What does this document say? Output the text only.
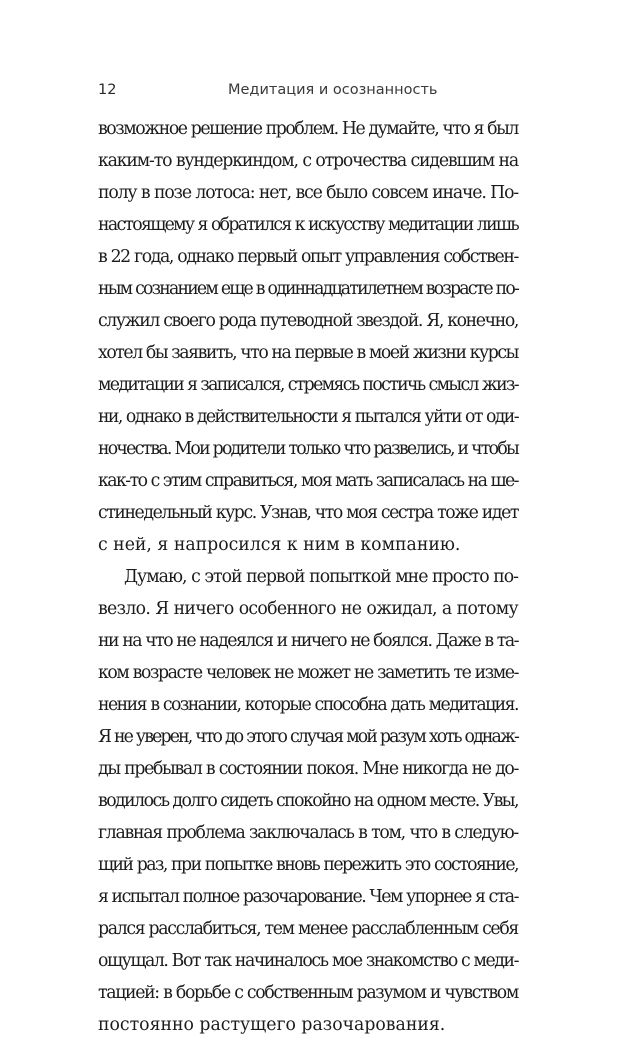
12	Медитация и осознанность
возможное решение проблем. Не думайте, что я был
каким-то вундеркиндом, с отрочества сидевшим на
полу в позе лотоса: нет, все было совсем иначе. По-
настоящему я обратился к искусству медитации лишь
в 22 года, однако первый опыт управления собствен-
ным сознанием еще в одиннадцатилетнем возрасте по-
служил своего рода путеводной звездой. Я, конечно,
хотел бы заявить, что на первые в моей жизни курсы
медитации я записался, стремясь постичь смысл жиз-
ни, однако в действительности я пытался уйти от оди-
ночества. Мои родители только что развелись, и чтобы
как-то с этим справиться, моя мать записалась на ше-
стинедельный курс. Узнав, что моя сестра тоже идет
с ней, я напросился к ним в компанию.
Думаю, с этой первой попыткой мне просто по-
везло. Я ничего особенного не ожидал, а потому
ни на что не надеялся и ничего не боялся. Даже в та-
ком возрасте человек не может не заметить те изме-
нения в сознании, которые способна дать медитация.
Я не уверен, что до этого случая мой разум хоть однаж-
ды пребывал в состоянии покоя. Мне никогда не до-
водилось долго сидеть спокойно на одном месте. Увы,
главная проблема заключалась в том, что в следую-
щий раз, при попытке вновь пережить это состояние,
я испытал полное разочарование. Чем упорнее я ста-
рался расслабиться, тем менее расслабленным себя
ощущал. Вот так начиналось мое знакомство с меди-
тацией: в борьбе с собственным разумом и чувством
постоянно растущего разочарования.
